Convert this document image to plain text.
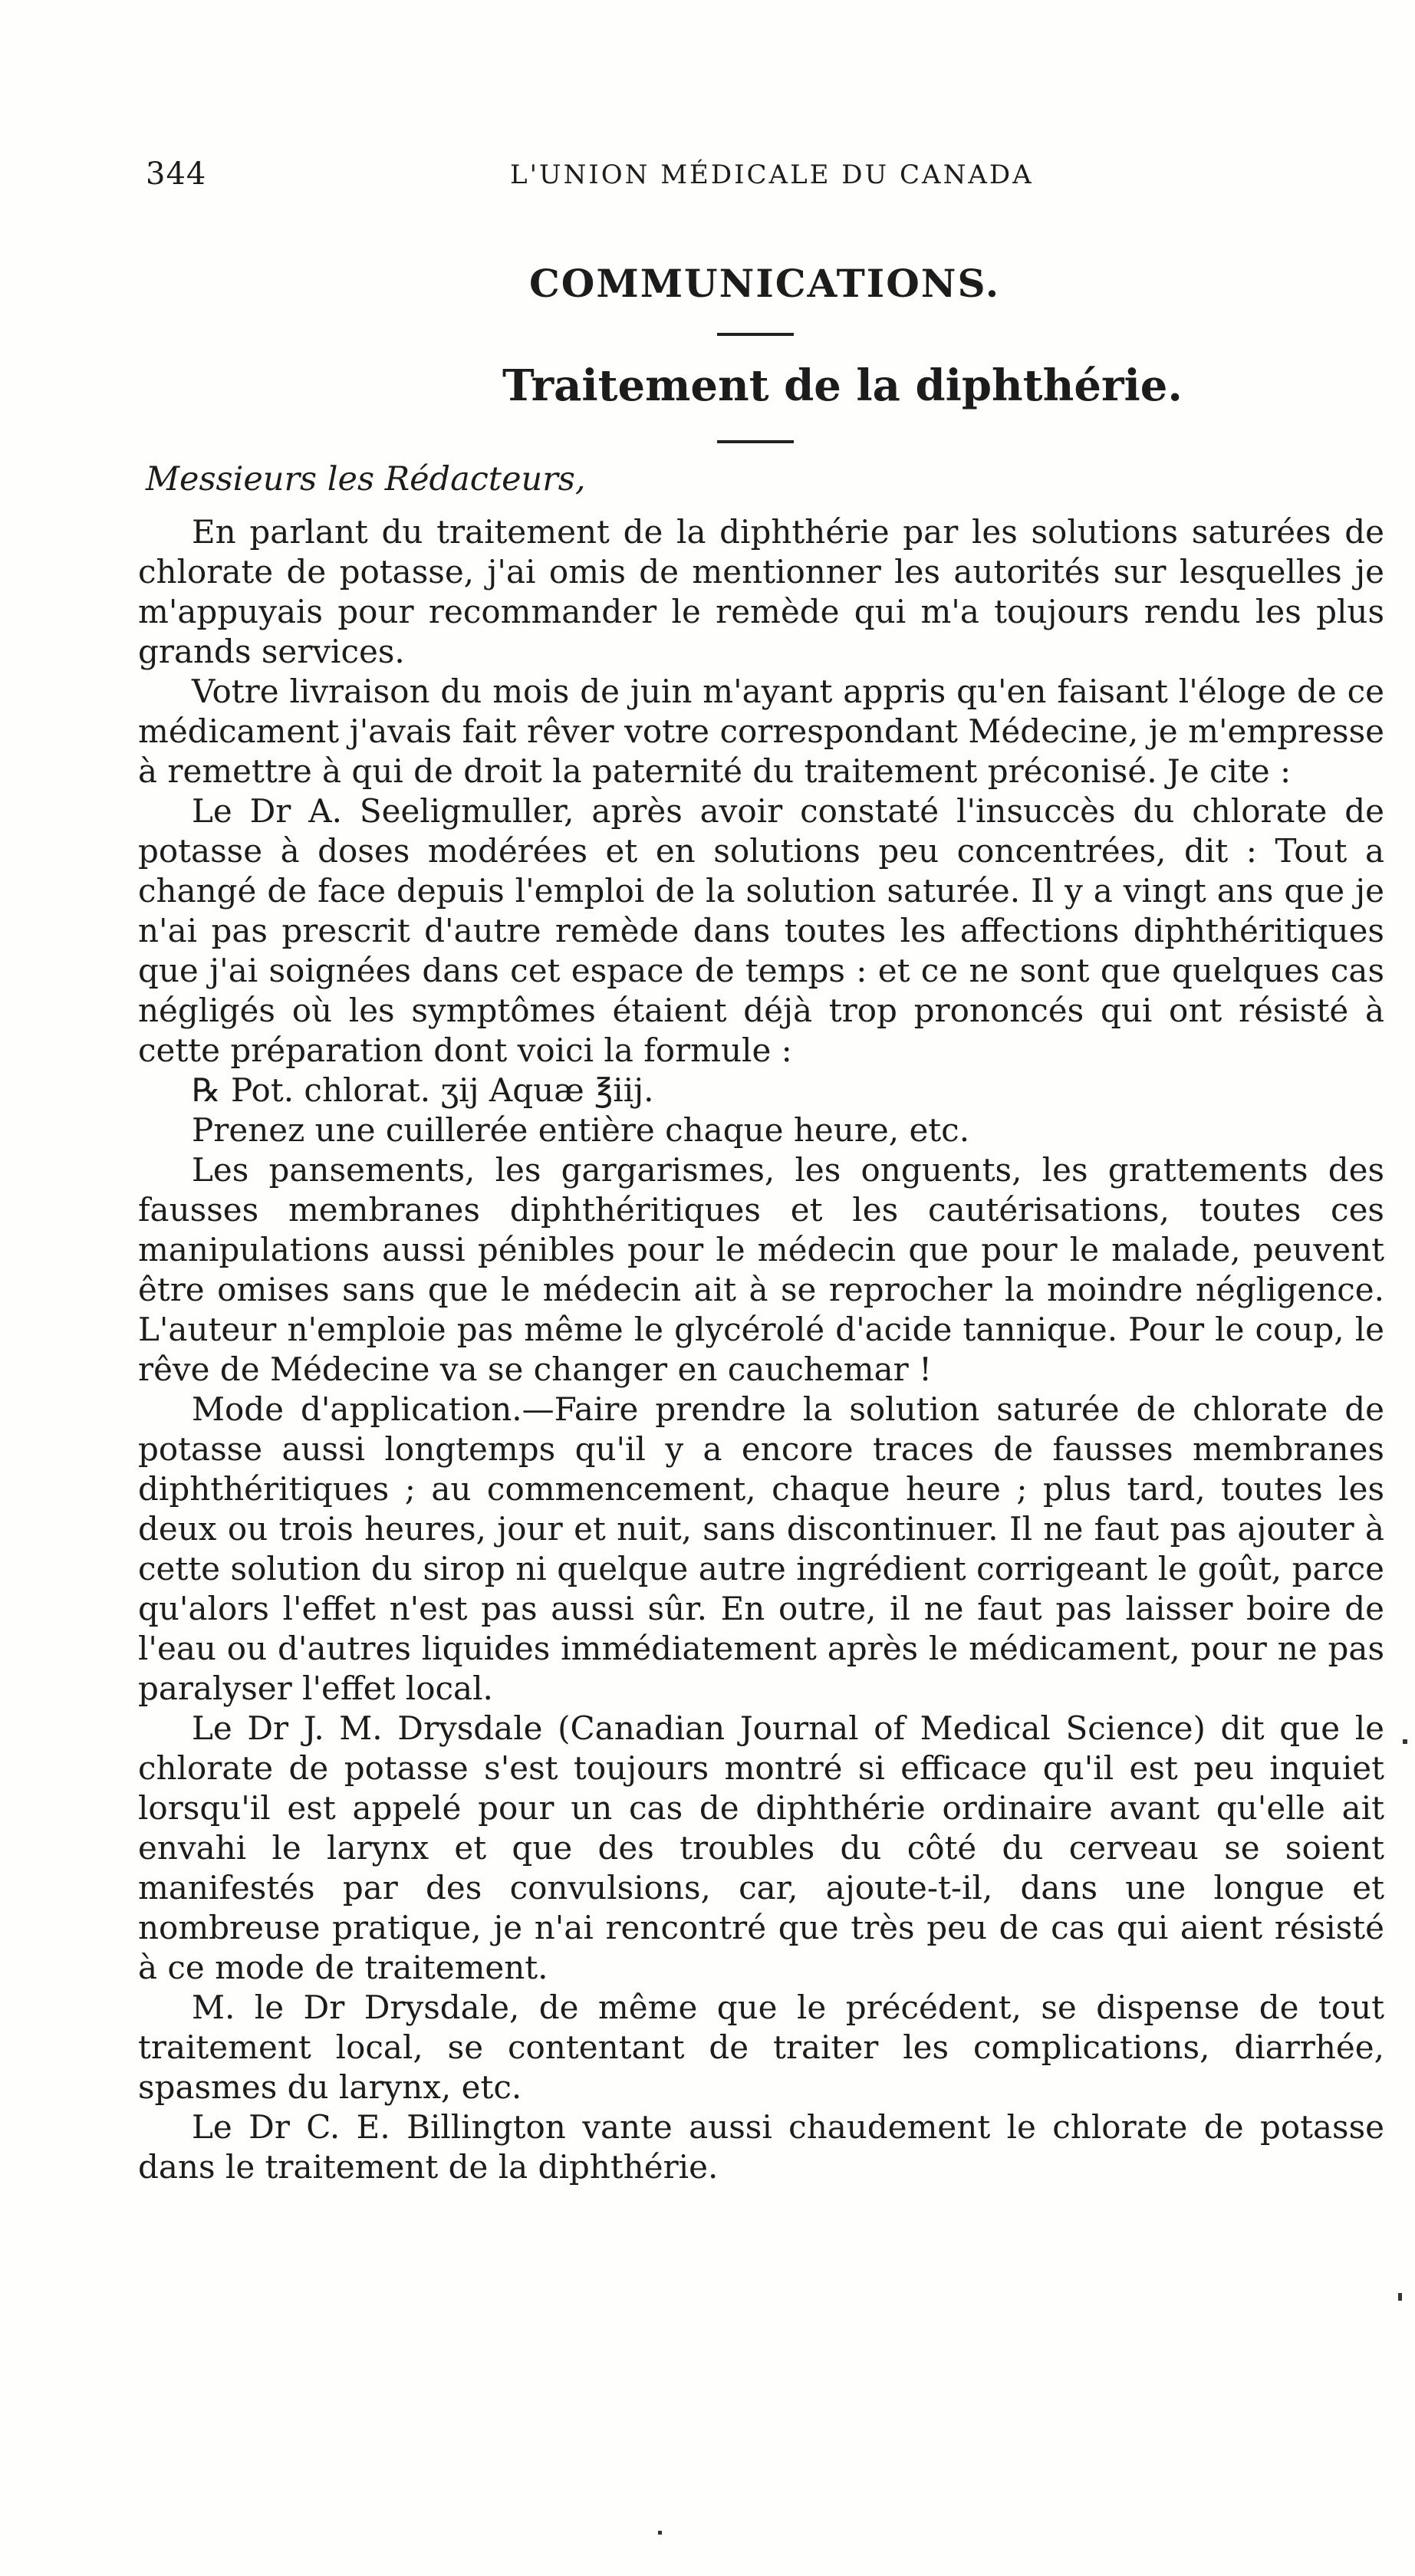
344	L'UNION MÉDICALE DU CANADA
COMMUNICATIONS.
Traitement de la diphthérie.
Messieurs les Rédacteurs,

En parlant du traitement de la diphthérie par les solutions saturées de chlorate de potasse, j'ai omis de mentionner les autorités sur lesquelles je m'appuyais pour recommander le remède qui m'a toujours rendu les plus grands services.

Votre livraison du mois de juin m'ayant appris qu'en faisant l'éloge de ce médicament j'avais fait rêver votre correspondant Médecine, je m'empresse à remettre à qui de droit la paternité du traitement préconisé. Je cite :

Le Dr A. Seeligmuller, après avoir constaté l'insuccès du chlorate de potasse à doses modérées et en solutions peu concentrées, dit : Tout a changé de face depuis l'emploi de la solution saturée. Il y a vingt ans que je n'ai pas prescrit d'autre remède dans toutes les affections diphthéritiques que j'ai soignées dans cet espace de temps : et ce ne sont que quelques cas négligés où les symptômes étaient déjà trop prononcés qui ont résisté à cette préparation dont voici la formule :

℞ Pot. chlorat. ʒij Aquæ ℥iij.

Prenez une cuillerée entière chaque heure, etc.

Les pansements, les gargarismes, les onguents, les grattements des fausses membranes diphthéritiques et les cautérisations, toutes ces manipulations aussi pénibles pour le médecin que pour le malade, peuvent être omises sans que le médecin ait à se reprocher la moindre négligence. L'auteur n'emploie pas même le glycérolé d'acide tannique. Pour le coup, le rêve de Médecine va se changer en cauchemar !

Mode d'application.—Faire prendre la solution saturée de chlorate de potasse aussi longtemps qu'il y a encore traces de fausses membranes diphthéritiques ; au commencement, chaque heure ; plus tard, toutes les deux ou trois heures, jour et nuit, sans discontinuer. Il ne faut pas ajouter à cette solution du sirop ni quelque autre ingrédient corrigeant le goût, parce qu'alors l'effet n'est pas aussi sûr. En outre, il ne faut pas laisser boire de l'eau ou d'autres liquides immédiatement après le médicament, pour ne pas paralyser l'effet local.

Le Dr J. M. Drysdale (Canadian Journal of Medical Science) dit que le chlorate de potasse s'est toujours montré si efficace qu'il est peu inquiet lorsqu'il est appelé pour un cas de diphthérie ordinaire avant qu'elle ait envahi le larynx et que des troubles du côté du cerveau se soient manifestés par des convulsions, car, ajoute-t-il, dans une longue et nombreuse pratique, je n'ai rencontré que très peu de cas qui aient résisté à ce mode de traitement.

M. le Dr Drysdale, de même que le précédent, se dispense de tout traitement local, se contentant de traiter les complications, diarrhée, spasmes du larynx, etc.

Le Dr C. E. Billington vante aussi chaudement le chlorate de potasse dans le traitement de la diphthérie.
